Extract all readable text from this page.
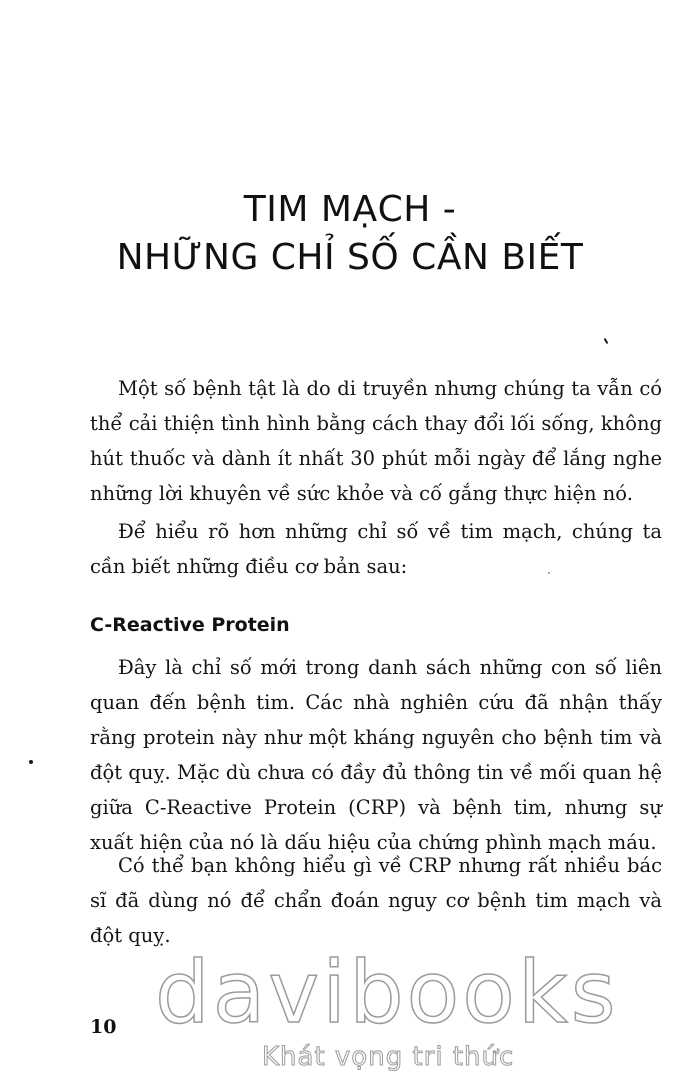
TIM MẠCH -
NHỮNG CHỈ SỐ CẦN BIẾT

Một số bệnh tật là do di truyền nhưng chúng ta vẫn có thể cải thiện tình hình bằng cách thay đổi lối sống, không hút thuốc và dành ít nhất 30 phút mỗi ngày để lắng nghe những lời khuyên về sức khỏe và cố gắng thực hiện nó.

Để hiểu rõ hơn những chỉ số về tim mạch, chúng ta cần biết những điều cơ bản sau:

C-Reactive Protein

Đây là chỉ số mới trong danh sách những con số liên quan đến bệnh tim. Các nhà nghiên cứu đã nhận thấy rằng protein này như một kháng nguyên cho bệnh tim và đột quỵ. Mặc dù chưa có đầy đủ thông tin về mối quan hệ giữa C-Reactive Protein (CRP) và bệnh tim, nhưng sự xuất hiện của nó là dấu hiệu của chứng phình mạch máu.

Có thể bạn không hiểu gì về CRP nhưng rất nhiều bác sĩ đã dùng nó để chẩn đoán nguy cơ bệnh tim mạch và đột quỵ.

10 davibooks
Khát vọng tri thức
